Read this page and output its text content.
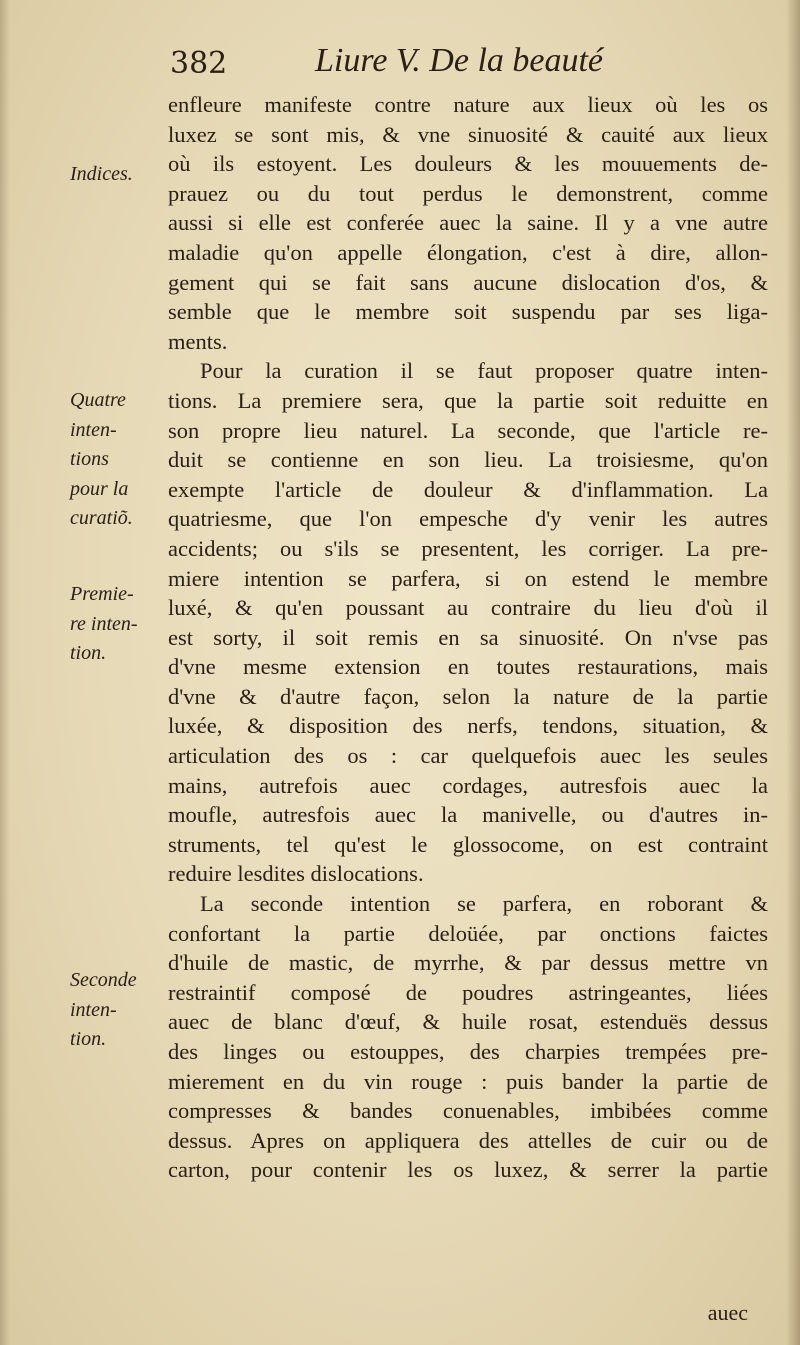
382	Liure V. De la beauté
Indices.
Quatre
inten-
tions
pour la
curatiõ.
Premie-
re inten-
tion.
Seconde
inten-
tion.
enfleure manifeste contre nature aux lieux où les os
luxez se sont mis, & vne sinuosité & cauité aux lieux
où ils estoyent. Les douleurs & les mouuements de-
prauez ou du tout perdus le demonstrent, comme
aussi si elle est conferée auec la saine. Il y a vne autre
maladie qu'on appelle élongation, c'est à dire, allon-
gement qui se fait sans aucune dislocation d'os, &
semble que le membre soit suspendu par ses liga-
ments.
Pour la curation il se faut proposer quatre inten-
tions. La premiere sera, que la partie soit reduitte en
son propre lieu naturel. La seconde, que l'article re-
duit se contienne en son lieu. La troisiesme, qu'on
exempte l'article de douleur & d'inflammation. La
quatriesme, que l'on empesche d'y venir les autres
accidents; ou s'ils se presentent, les corriger. La pre-
miere intention se parfera, si on estend le membre
luxé, & qu'en poussant au contraire du lieu d'où il
est sorty, il soit remis en sa sinuosité. On n'vse pas
d'vne mesme extension en toutes restaurations, mais
d'vne & d'autre façon, selon la nature de la partie
luxée, & disposition des nerfs, tendons, situation, &
articulation des os : car quelquefois auec les seules
mains, autrefois auec cordages, autresfois auec la
moufle, autresfois auec la manivelle, ou d'autres in-
struments, tel qu'est le glossocome, on est contraint
reduire lesdites dislocations.
La seconde intention se parfera, en roborant &
confortant la partie deloüée, par onctions faictes
d'huile de mastic, de myrrhe, & par dessus mettre vn
restraintif composé de poudres astringeantes, liées
auec de blanc d'œuf, & huile rosat, estenduës dessus
des linges ou estouppes, des charpies trempées pre-
mierement en du vin rouge : puis bander la partie de
compresses & bandes conuenables, imbibées comme
dessus. Apres on appliquera des attelles de cuir ou de
carton, pour contenir les os luxez, & serrer la partie
auec
